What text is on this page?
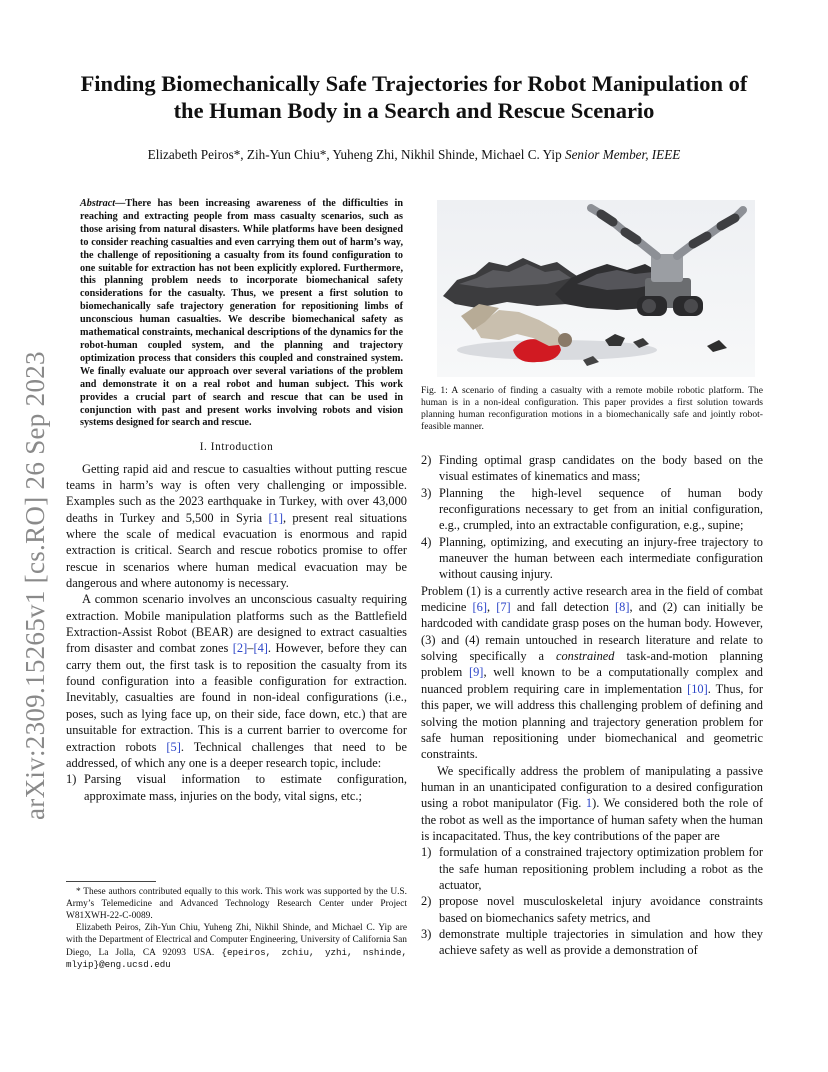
arXiv:2309.15265v1 [cs.RO] 26 Sep 2023
Finding Biomechanically Safe Trajectories for Robot Manipulation of
the Human Body in a Search and Rescue Scenario
Elizabeth Peiros*, Zih-Yun Chiu*, Yuheng Zhi, Nikhil Shinde, Michael C. Yip Senior Member, IEEE
Abstract—There has been increasing awareness of the difficulties in reaching and extracting people from mass casualty scenarios, such as those arising from natural disasters. While platforms have been designed to consider reaching casualties and even carrying them out of harm’s way, the challenge of repositioning a casualty from its found configuration to one suitable for extraction has not been explicitly explored. Furthermore, this planning problem needs to incorporate biomechanical safety considerations for the casualty. Thus, we present a first solution to biomechanically safe trajectory generation for repositioning limbs of unconscious human casualties. We describe biomechanical safety as mathematical constraints, mechanical descriptions of the dynamics for the robot-human coupled system, and the planning and trajectory optimization process that considers this coupled and constrained system. We finally evaluate our approach over several variations of the problem and demonstrate it on a real robot and human subject. This work provides a crucial part of search and rescue that can be used in conjunction with past and present works involving robots and vision systems designed for search and rescue.
I. Introduction

Getting rapid aid and rescue to casualties without putting rescue teams in harm’s way is often very challenging or impossible. Examples such as the 2023 earthquake in Turkey, with over 43,000 deaths in Turkey and 5,500 in Syria [1], present real situations where the scale of medical evacuation is enormous and rapid extraction is critical. Search and rescue robotics promise to offer rescue in scenarios where human medical evacuation may be dangerous and where autonomy is necessary.

A common scenario involves an unconscious casualty requiring extraction. Mobile manipulation platforms such as the Battlefield Extraction-Assist Robot (BEAR) are designed to extract casualties from disaster and combat zones [2]–[4]. However, before they can carry them out, the first task is to reposition the casualty from its found configuration into a feasible configuration for extraction. Inevitably, casualties are found in non-ideal configurations (i.e., poses, such as lying face up, on their side, face down, etc.) that are unsuitable for extraction. This is a current barrier to overcome for extraction robots [5]. Technical challenges that need to be addressed, of which any one is a deeper research topic, include:

1) Parsing visual information to estimate configuration, approximate mass, injuries on the body, vital signs, etc.;

* These authors contributed equally to this work. This work was supported by the U.S. Army’s Telemedicine and Advanced Technology Research Center under Project W81XWH-22-C-0089.

Elizabeth Peiros, Zih-Yun Chiu, Yuheng Zhi, Nikhil Shinde, and Michael C. Yip are with the Department of Electrical and Computer Engineering, University of California San Diego, La Jolla, CA 92093 USA. {epeiros, zchiu, yzhi, nshinde, mlyip}@eng.ucsd.edu

Fig. 1: A scenario of finding a casualty with a remote mobile robotic platform. The human is in a non-ideal configuration. This paper provides a first solution towards planning human reconfiguration motions in a biomechanically safe and jointly robot-feasible manner.
2) Finding optimal grasp candidates on the body based on the visual estimates of kinematics and mass;
3) Planning the high-level sequence of human body reconfigurations necessary to get from an initial configuration, e.g., crumpled, into an extractable configuration, e.g., supine;
4) Planning, optimizing, and executing an injury-free trajectory to maneuver the human between each intermediate configuration without causing injury.

Problem (1) is a currently active research area in the field of combat medicine [6], [7] and fall detection [8], and (2) can initially be hardcoded with candidate grasp poses on the human body. However, (3) and (4) remain untouched in research literature and relate to solving specifically a constrained task-and-motion planning problem [9], well known to be a computationally complex and nuanced problem requiring care in implementation [10]. Thus, for this paper, we will address this challenging problem of defining and solving the motion planning and trajectory generation problem for safe human repositioning under biomechanical and geometric constraints.

We specifically address the problem of manipulating a passive human in an unanticipated configuration to a desired configuration using a robot manipulator (Fig. 1). We considered both the role of the robot as well as the importance of human safety when the human is incapacitated. Thus, the key contributions of the paper are

1) formulation of a constrained trajectory optimization problem for the safe human repositioning problem including a robot as the actuator,
2) propose novel musculoskeletal injury avoidance constraints based on biomechanics safety metrics, and
3) demonstrate multiple trajectories in simulation and how they achieve safety as well as provide a demonstration of
